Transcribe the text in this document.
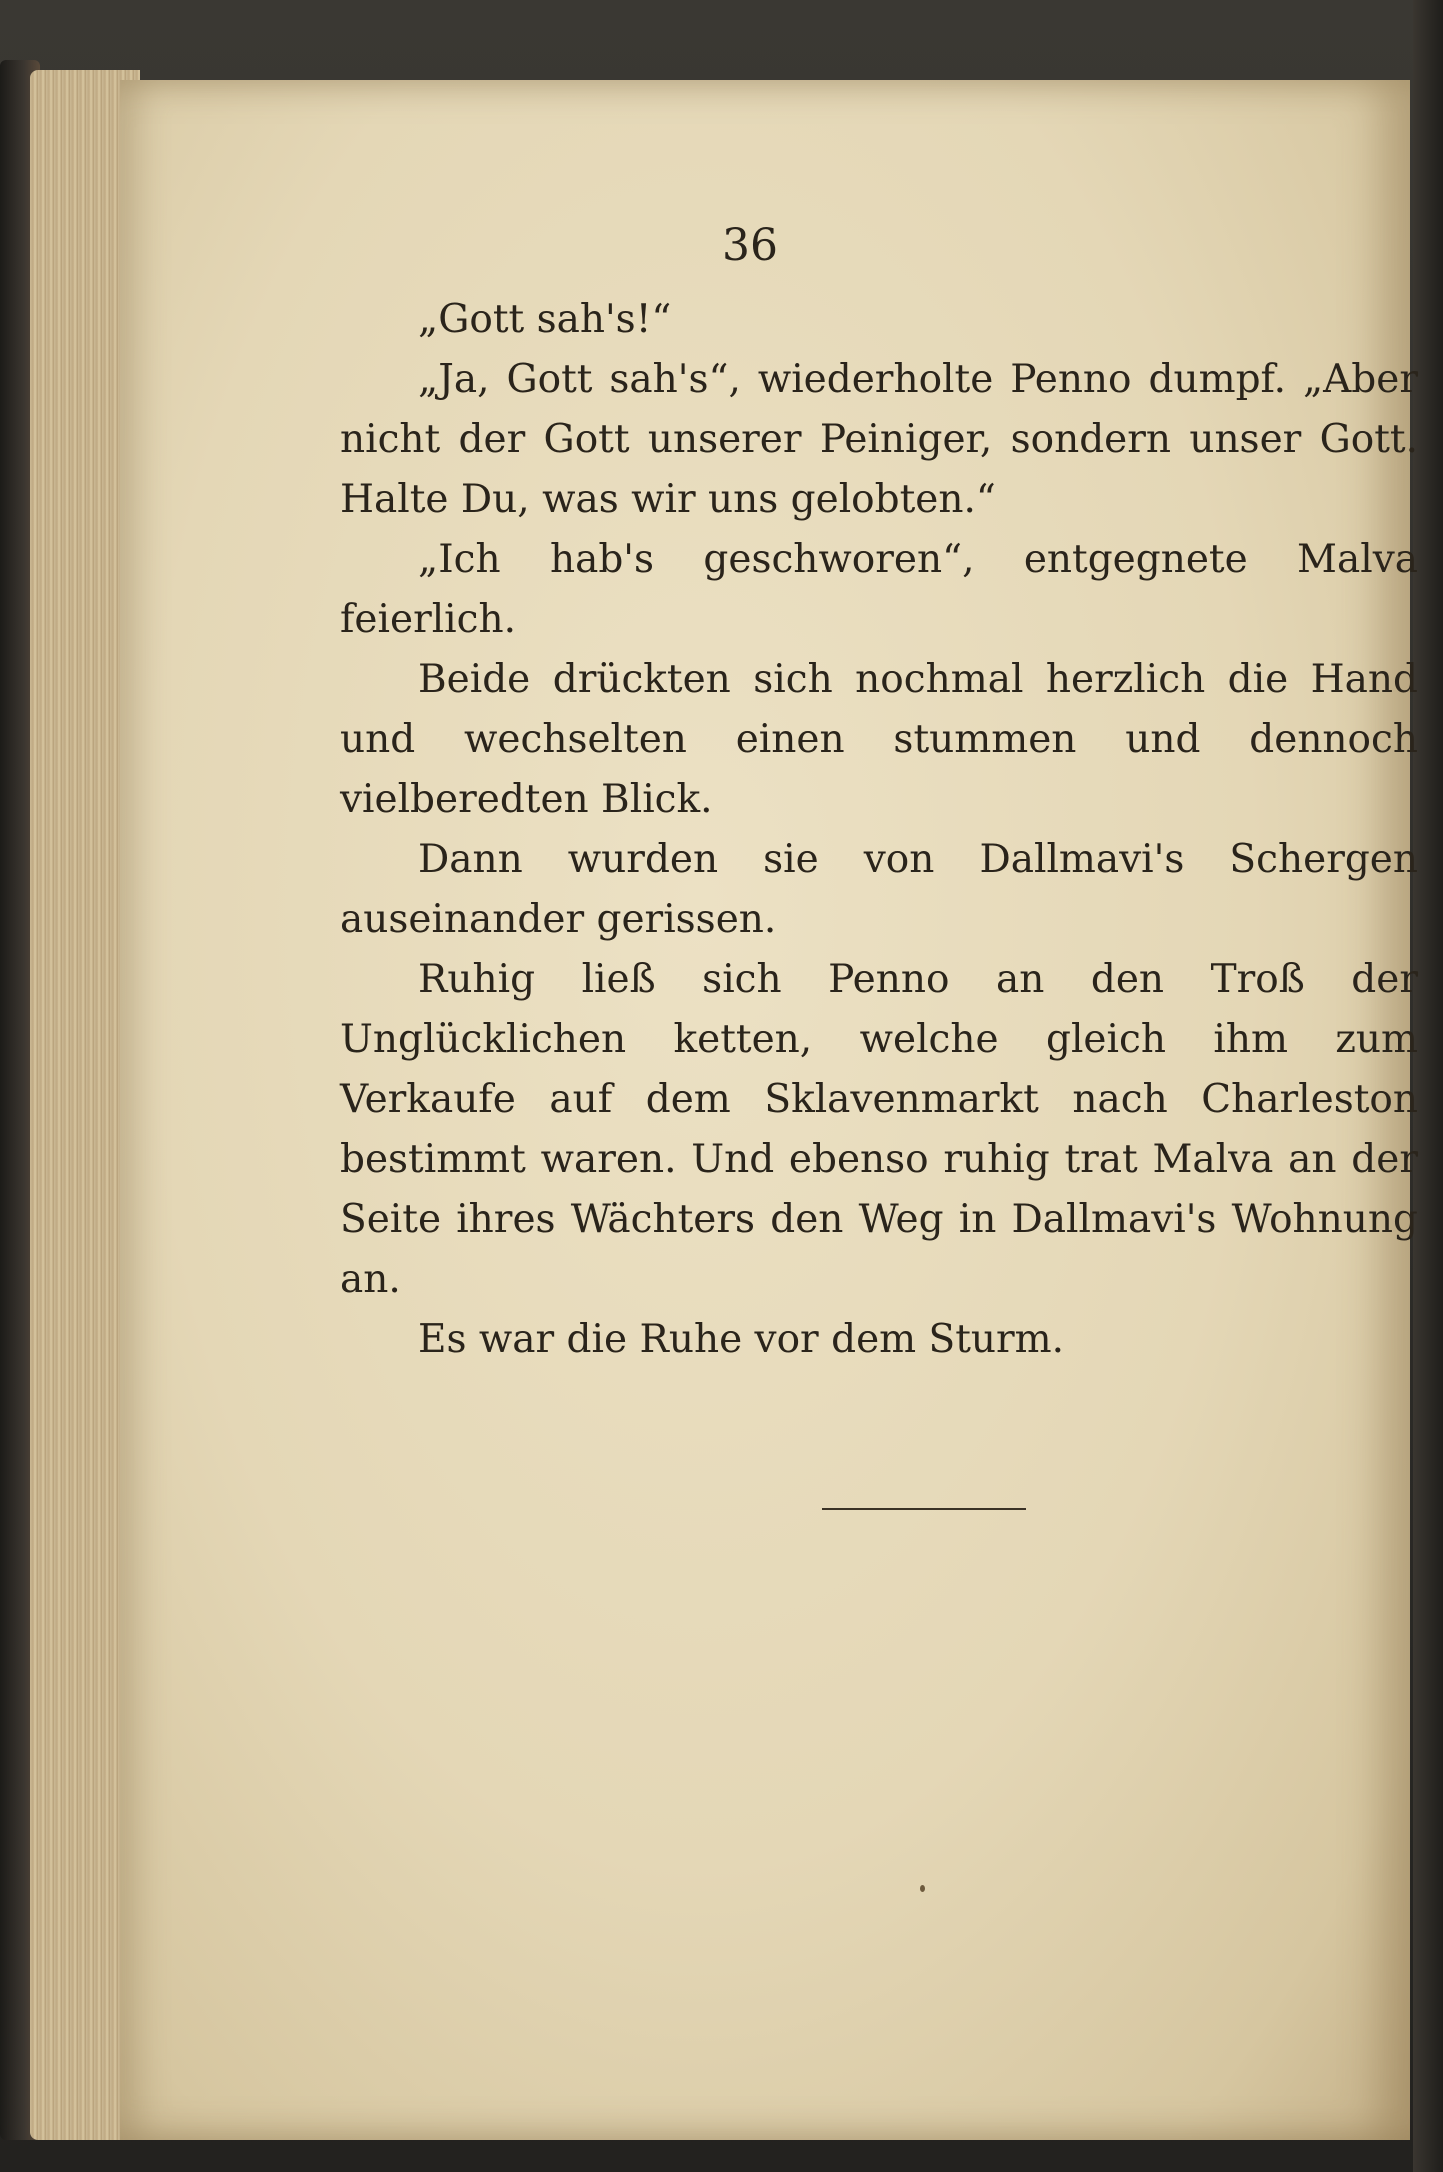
36

„Gott sah's!“

„Ja, Gott sah's“, wiederholte Penno dumpf. „Aber nicht der Gott unserer Peiniger, sondern unser Gott. Halte Du, was wir uns gelobten.“

„Ich hab's geschworen“, entgegnete Malva feierlich.

Beide drückten sich nochmal herzlich die Hand und wechselten einen stummen und dennoch vielberedten Blick.

Dann wurden sie von Dallmavi's Schergen auseinander gerissen.

Ruhig ließ sich Penno an den Troß der Unglücklichen ketten, welche gleich ihm zum Verkaufe auf dem Sklavenmarkt nach Charleston bestimmt waren. Und ebenso ruhig trat Malva an der Seite ihres Wächters den Weg in Dallmavi's Wohnung an.

Es war die Ruhe vor dem Sturm.
